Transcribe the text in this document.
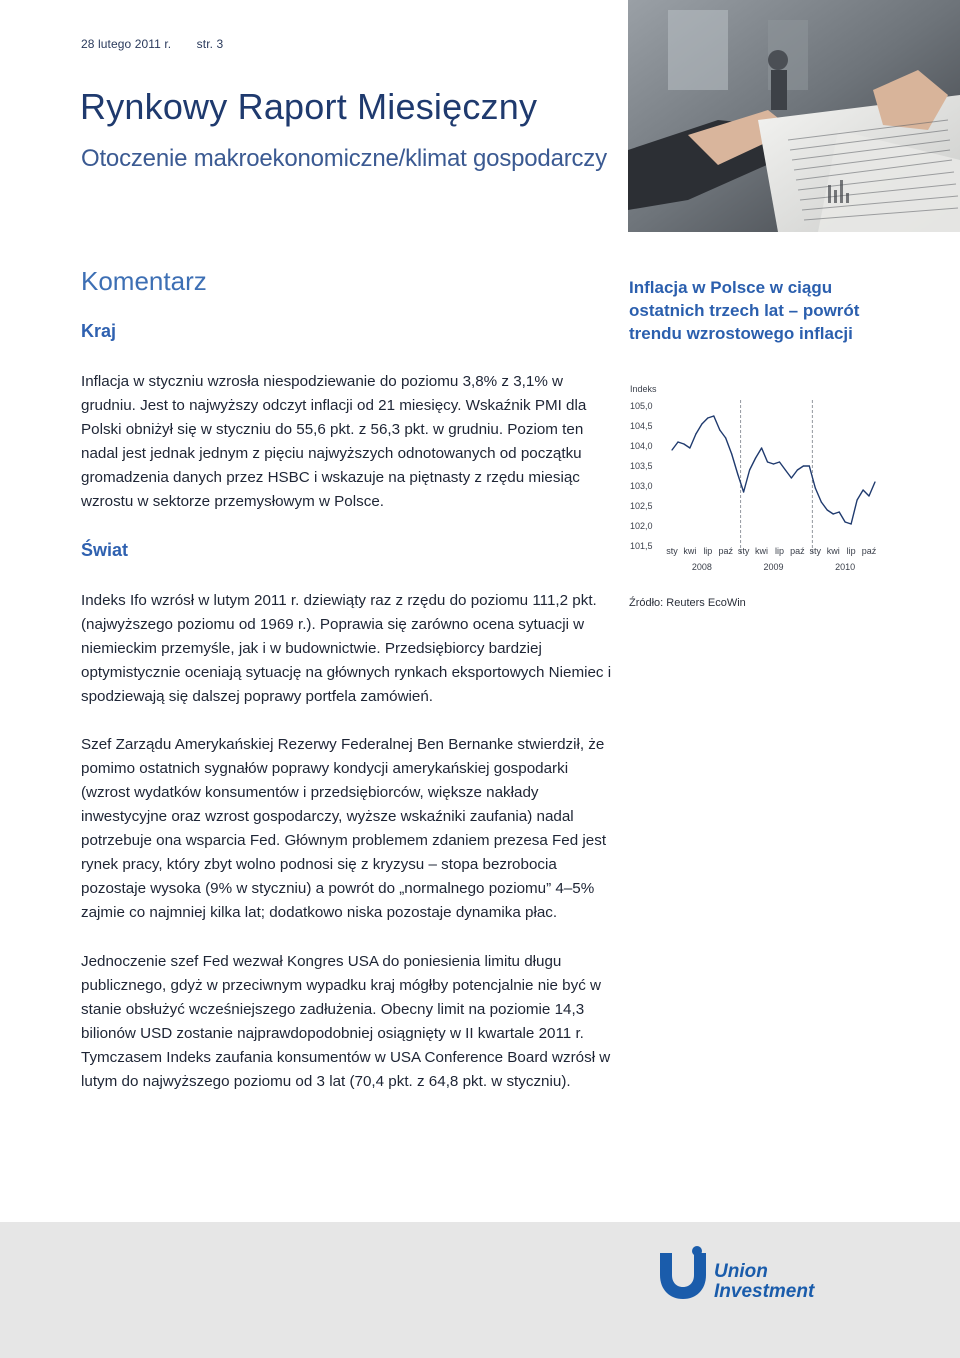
28 lutego 2011 r. str. 3
Rynkowy Raport Miesięczny
Otoczenie makroekonomiczne/klimat gospodarczy
Komentarz
Kraj
Inflacja w styczniu wzrosła niespodziewanie do poziomu 3,8% z 3,1% w grudniu. Jest to najwyższy odczyt inflacji od 21 miesięcy. Wskaźnik PMI dla Polski obniżył się w styczniu do 55,6 pkt. z 56,3 pkt. w grudniu. Poziom ten nadal jest jednak jednym z pięciu najwyższych odnotowanych od początku gromadzenia danych przez HSBC i wskazuje na piętnasty z rzędu miesiąc wzrostu w sektorze przemysłowym w Polsce.
Świat
Indeks Ifo wzrósł w lutym 2011 r. dziewiąty raz z rzędu do poziomu 111,2 pkt. (najwyższego poziomu od 1969 r.). Poprawia się zarówno ocena sytuacji w niemieckim przemyśle, jak i w budownictwie. Przedsiębiorcy bardziej optymistycznie oceniają sytuację na głównych rynkach eksportowych Niemiec i spodziewają się dalszej poprawy portfela zamówień.
Szef Zarządu Amerykańskiej Rezerwy Federalnej Ben Bernanke stwierdził, że pomimo ostatnich sygnałów poprawy kondycji amerykańskiej gospodarki (wzrost wydatków konsumentów i przedsiębiorców, większe nakłady inwestycyjne oraz wzrost gospodarczy, wyższe wskaźniki zaufania) nadal potrzebuje ona wsparcia Fed. Głównym problemem zdaniem prezesa Fed jest rynek pracy, który zbyt wolno podnosi się z kryzysu – stopa bezrobocia pozostaje wysoka (9% w styczniu) a powrót do „normalnego poziomu” 4–5% zajmie co najmniej kilka lat; dodatkowo niska pozostaje dynamika płac.
Jednoczenie szef Fed wezwał Kongres USA do poniesienia limitu długu publicznego, gdyż w przeciwnym wypadku kraj mógłby potencjalnie nie być w stanie obsłużyć wcześniejszego zadłużenia. Obecny limit na poziomie 14,3 bilionów USD zostanie najprawdopodobniej osiągnięty w II kwartale 2011 r. Tymczasem Indeks zaufania konsumentów w USA Conference Board wzrósł w lutym do najwyższego poziomu od 3 lat (70,4 pkt. z 64,8 pkt. w styczniu).
Inflacja w Polsce w ciągu ostatnich trzech lat – powrót trendu wzrostowego inflacji
Indeks
105,0
104,5
104,0
103,5
103,0
102,5
102,0
101,5 sty kwi lip paź sty kwi lip paź sty kwi lip paź
2008	2009	2010
Źródło: Reuters EcoWin
Union
Investment
